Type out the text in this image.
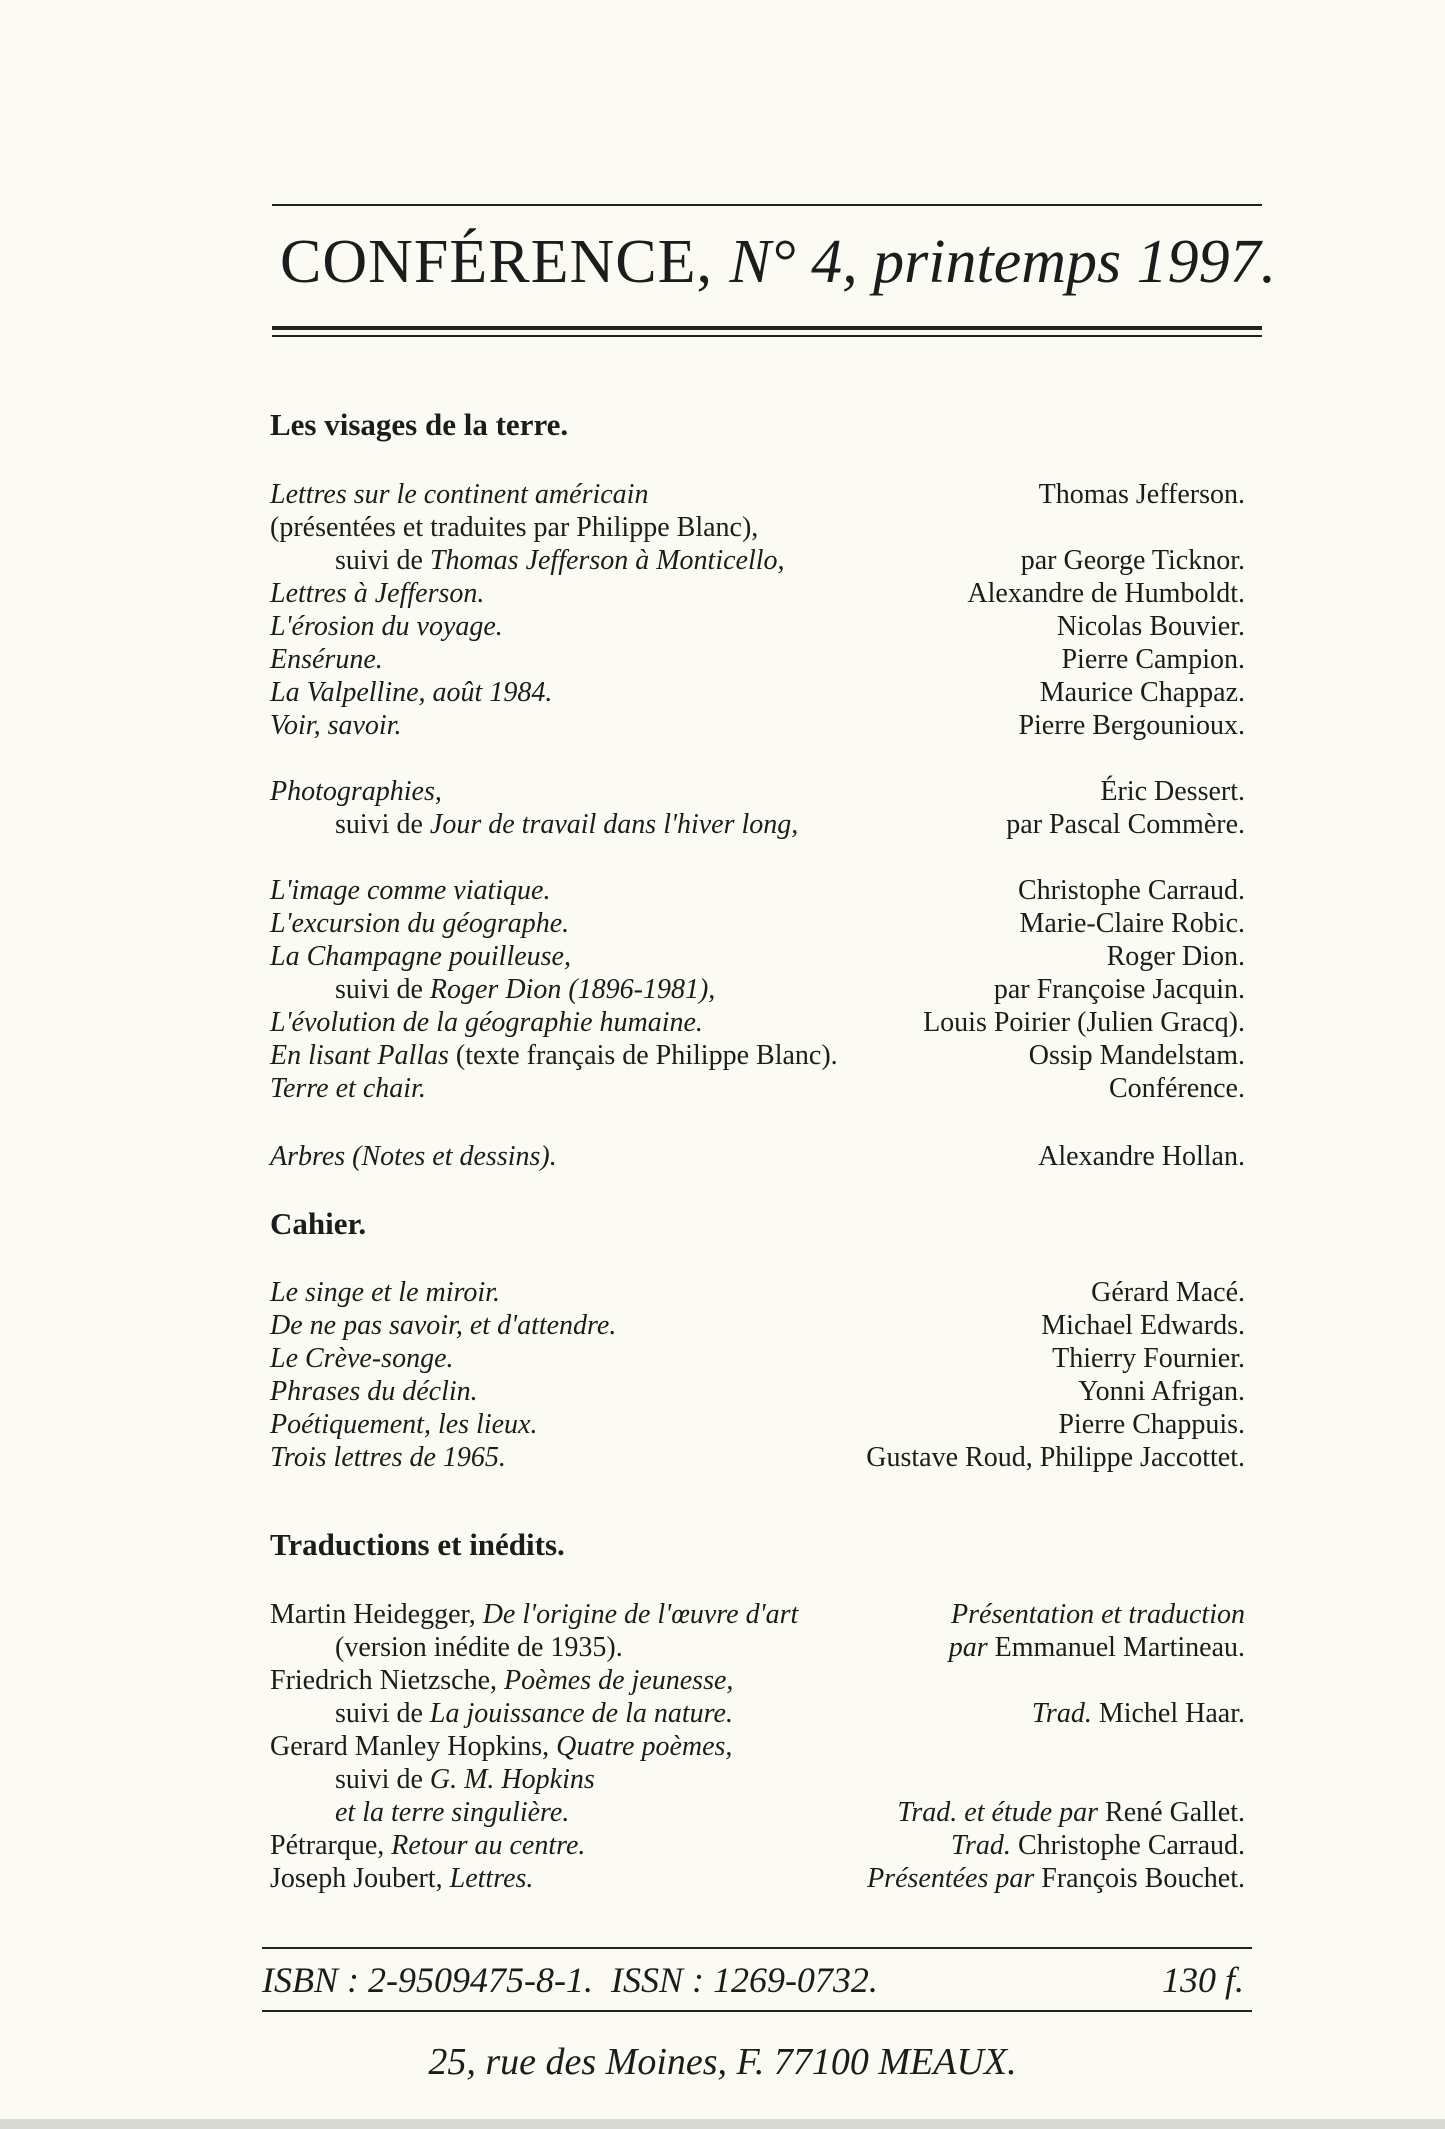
CONFÉRENCE, N° 4, printemps 1997.
Les visages de la terre.
Lettres sur le continent américain	Thomas Jefferson.
(présentées et traduites par Philippe Blanc),
suivi de Thomas Jefferson à Monticello,	par George Ticknor.
Lettres à Jefferson.	Alexandre de Humboldt.
L'érosion du voyage.	Nicolas Bouvier.
Ensérune.	Pierre Campion.
La Valpelline, août 1984.	Maurice Chappaz.
Voir, savoir.	Pierre Bergounioux.
Photographies,	Éric Dessert.
suivi de Jour de travail dans l'hiver long,	par Pascal Commère.
L'image comme viatique.	Christophe Carraud.
L'excursion du géographe.	Marie-Claire Robic.
La Champagne pouilleuse,	Roger Dion.
suivi de Roger Dion (1896-1981),	par Françoise Jacquin.
L'évolution de la géographie humaine.	Louis Poirier (Julien Gracq).
En lisant Pallas (texte français de Philippe Blanc).	Ossip Mandelstam.
Terre et chair.	Conférence.
Arbres (Notes et dessins).	Alexandre Hollan.
Cahier.
Le singe et le miroir.	Gérard Macé.
De ne pas savoir, et d'attendre.	Michael Edwards.
Le Crève-songe.	Thierry Fournier.
Phrases du déclin.	Yonni Afrigan.
Poétiquement, les lieux.	Pierre Chappuis.
Trois lettres de 1965.	Gustave Roud, Philippe Jaccottet.
Traductions et inédits.
Martin Heidegger, De l'origine de l'œuvre d'art	Présentation et traduction
(version inédite de 1935).	par Emmanuel Martineau.
Friedrich Nietzsche, Poèmes de jeunesse,
suivi de La jouissance de la nature.	Trad. Michel Haar.
Gerard Manley Hopkins, Quatre poèmes,
suivi de G. M. Hopkins
et la terre singulière.	Trad. et étude par René Gallet.
Pétrarque, Retour au centre.	Trad. Christophe Carraud.
Joseph Joubert, Lettres.	Présentées par François Bouchet.
ISBN : 2-9509475-8-1. ISSN : 1269-0732.	130 f.
25, rue des Moines, F. 77100 MEAUX.
